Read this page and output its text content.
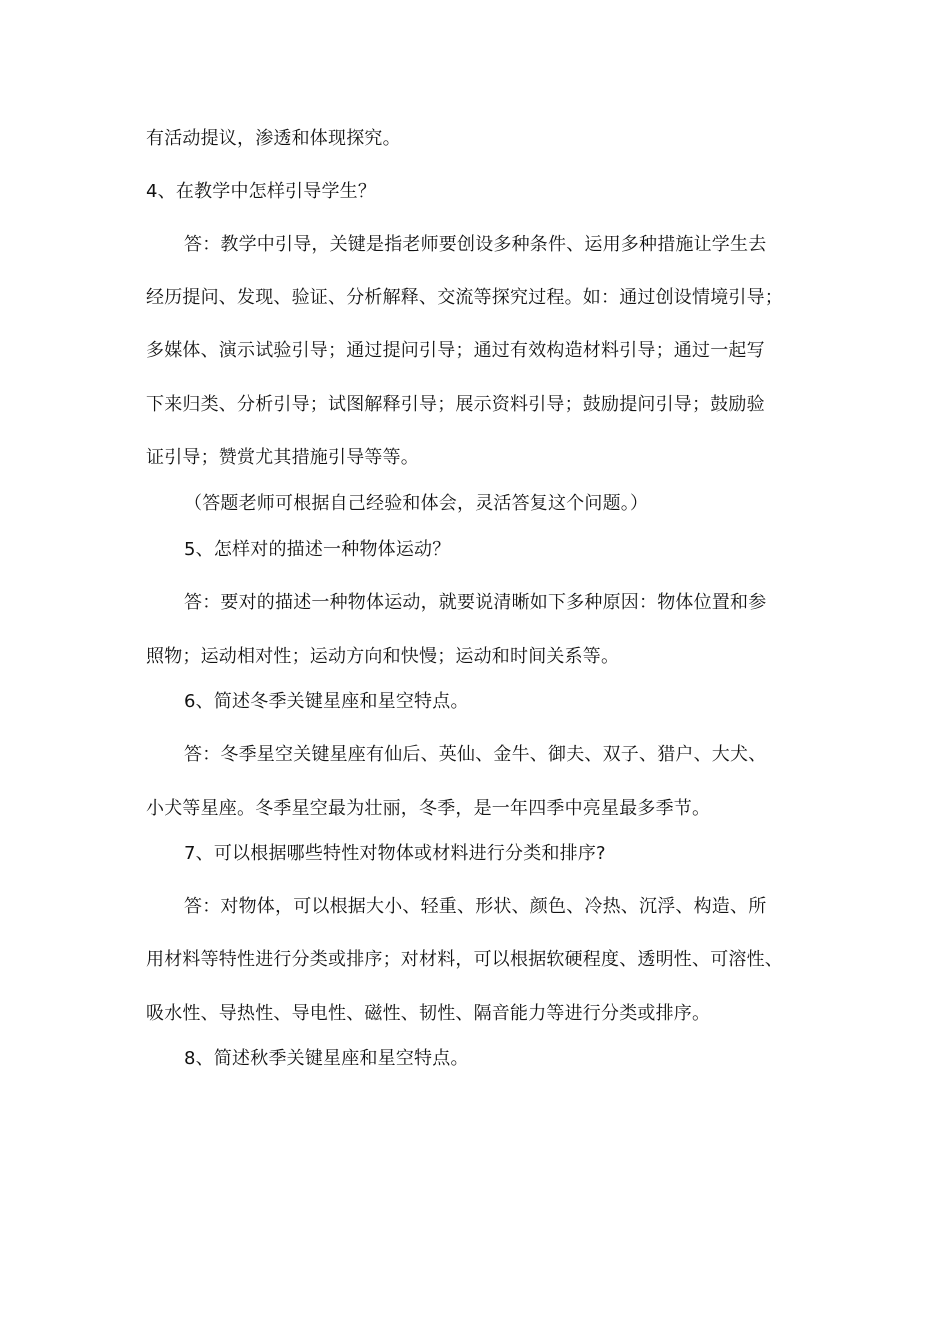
有活动提议，渗透和体现探究。
4、在教学中怎样引导学生？
答：教学中引导，关键是指老师要创设多种条件、运用多种措施让学生去
经历提问、发现、验证、分析解释、交流等探究过程。如：通过创设情境引导；
多媒体、演示试验引导；通过提问引导；通过有效构造材料引导；通过一起写
下来归类、分析引导；试图解释引导；展示资料引导；鼓励提问引导；鼓励验
证引导；赞赏尤其措施引导等等。
（答题老师可根据自己经验和体会，灵活答复这个问题。）
5、怎样对的描述一种物体运动？
答：要对的描述一种物体运动，就要说清晰如下多种原因：物体位置和参
照物；运动相对性；运动方向和快慢；运动和时间关系等。
6、简述冬季关键星座和星空特点。
答：冬季星空关键星座有仙后、英仙、金牛、御夫、双子、猎户、大犬、
小犬等星座。冬季星空最为壮丽，冬季，是一年四季中亮星最多季节。
7、可以根据哪些特性对物体或材料进行分类和排序?
答：对物体，可以根据大小、轻重、形状、颜色、冷热、沉浮、构造、所
用材料等特性进行分类或排序；对材料，可以根据软硬程度、透明性、可溶性、
吸水性、导热性、导电性、磁性、韧性、隔音能力等进行分类或排序。
8、简述秋季关键星座和星空特点。
